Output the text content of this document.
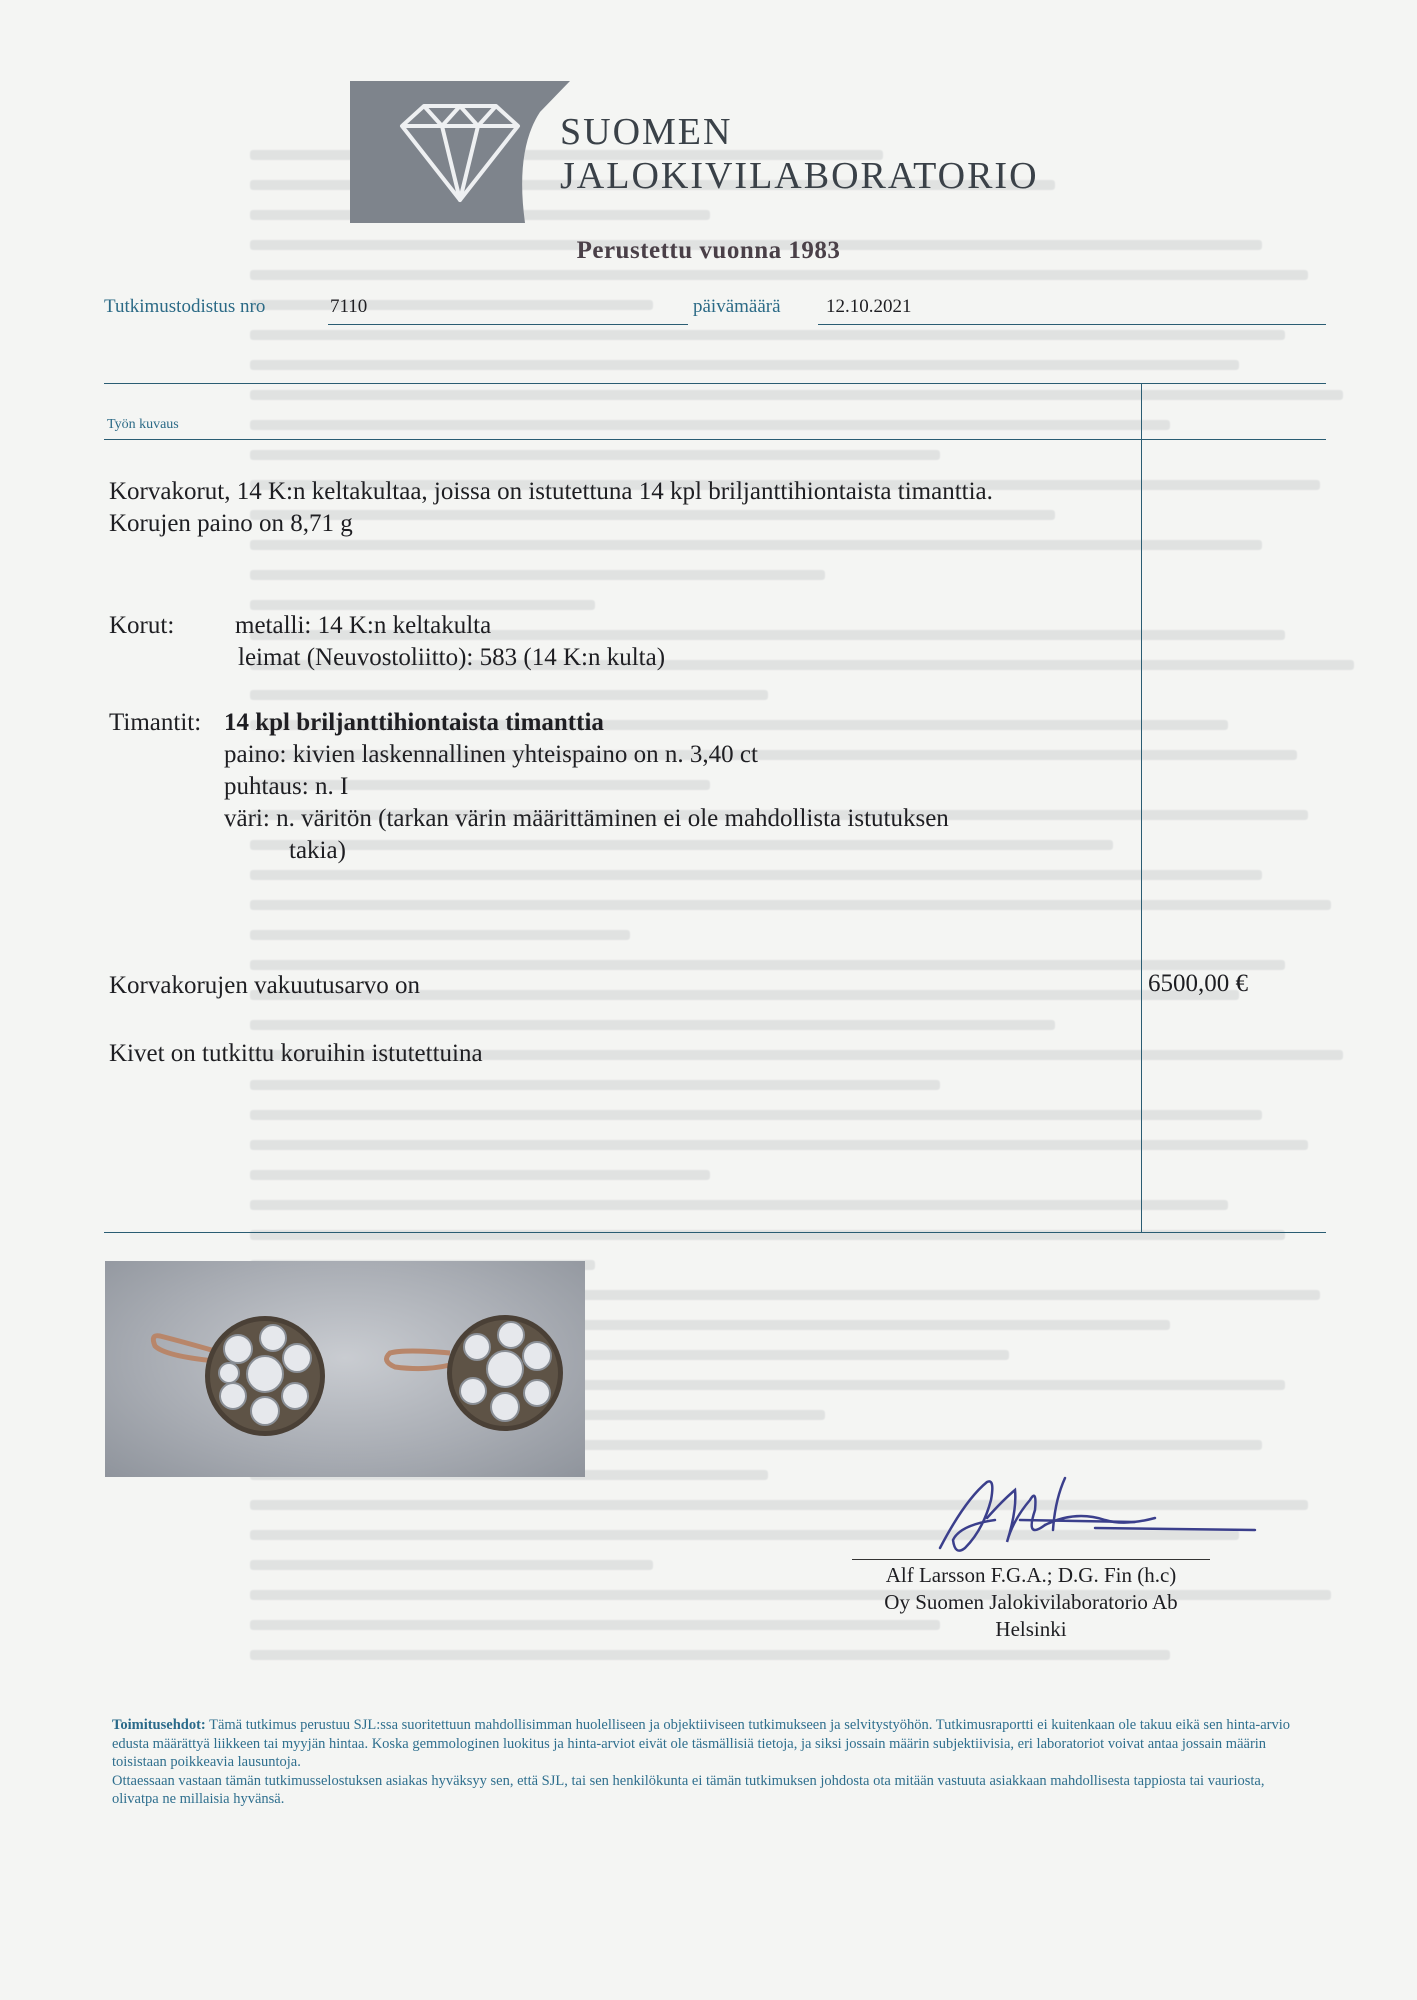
SUOMEN
JALOKIVILABORATORIO
Perustettu vuonna 1983
Tutkimustodistus nro	7110	päivämäärä 12.10.2021
Työn kuvaus
Korvakorut, 14 K:n keltakultaa, joissa on istutettuna 14 kpl briljanttihiontaista timanttia.
Korujen paino on 8,71 g
Korut: metalli: 14 K:n keltakulta
leimat (Neuvostoliitto): 583 (14 K:n kulta)
Timantit: 14 kpl briljanttihiontaista timanttia
paino: kivien laskennallinen yhteispaino on n. 3,40 ct
puhtaus: n. I
väri: n. väritön (tarkan värin määrittäminen ei ole mahdollista istutuksen
takia)
Korvakorujen vakuutusarvo on	6500,00 €
Kivet on tutkittu koruihin istutettuina
Alf Larsson F.G.A.; D.G. Fin (h.c)
Oy Suomen Jalokivilaboratorio Ab
Helsinki
Toimitusehdot: Tämä tutkimus perustuu SJL:ssa suoritettuun mahdollisimman huolelliseen ja objektiiviseen tutkimukseen ja selvitystyöhön. Tutkimusraportti ei kuitenkaan ole takuu eikä sen hinta-arvio edusta määrättyä liikkeen tai myyjän hintaa. Koska gemmologinen luokitus ja hinta-arviot eivät ole täsmällisiä tietoja, ja siksi jossain määrin subjektiivisia, eri laboratoriot voivat antaa jossain määrin toisistaan poikkeavia lausuntoja.
Ottaessaan vastaan tämän tutkimusselostuksen asiakas hyväksyy sen, että SJL, tai sen henkilökunta ei tämän tutkimuksen johdosta ota mitään vastuuta asiakkaan mahdollisesta tappiosta tai vauriosta, olivatpa ne millaisia hyvänsä.
